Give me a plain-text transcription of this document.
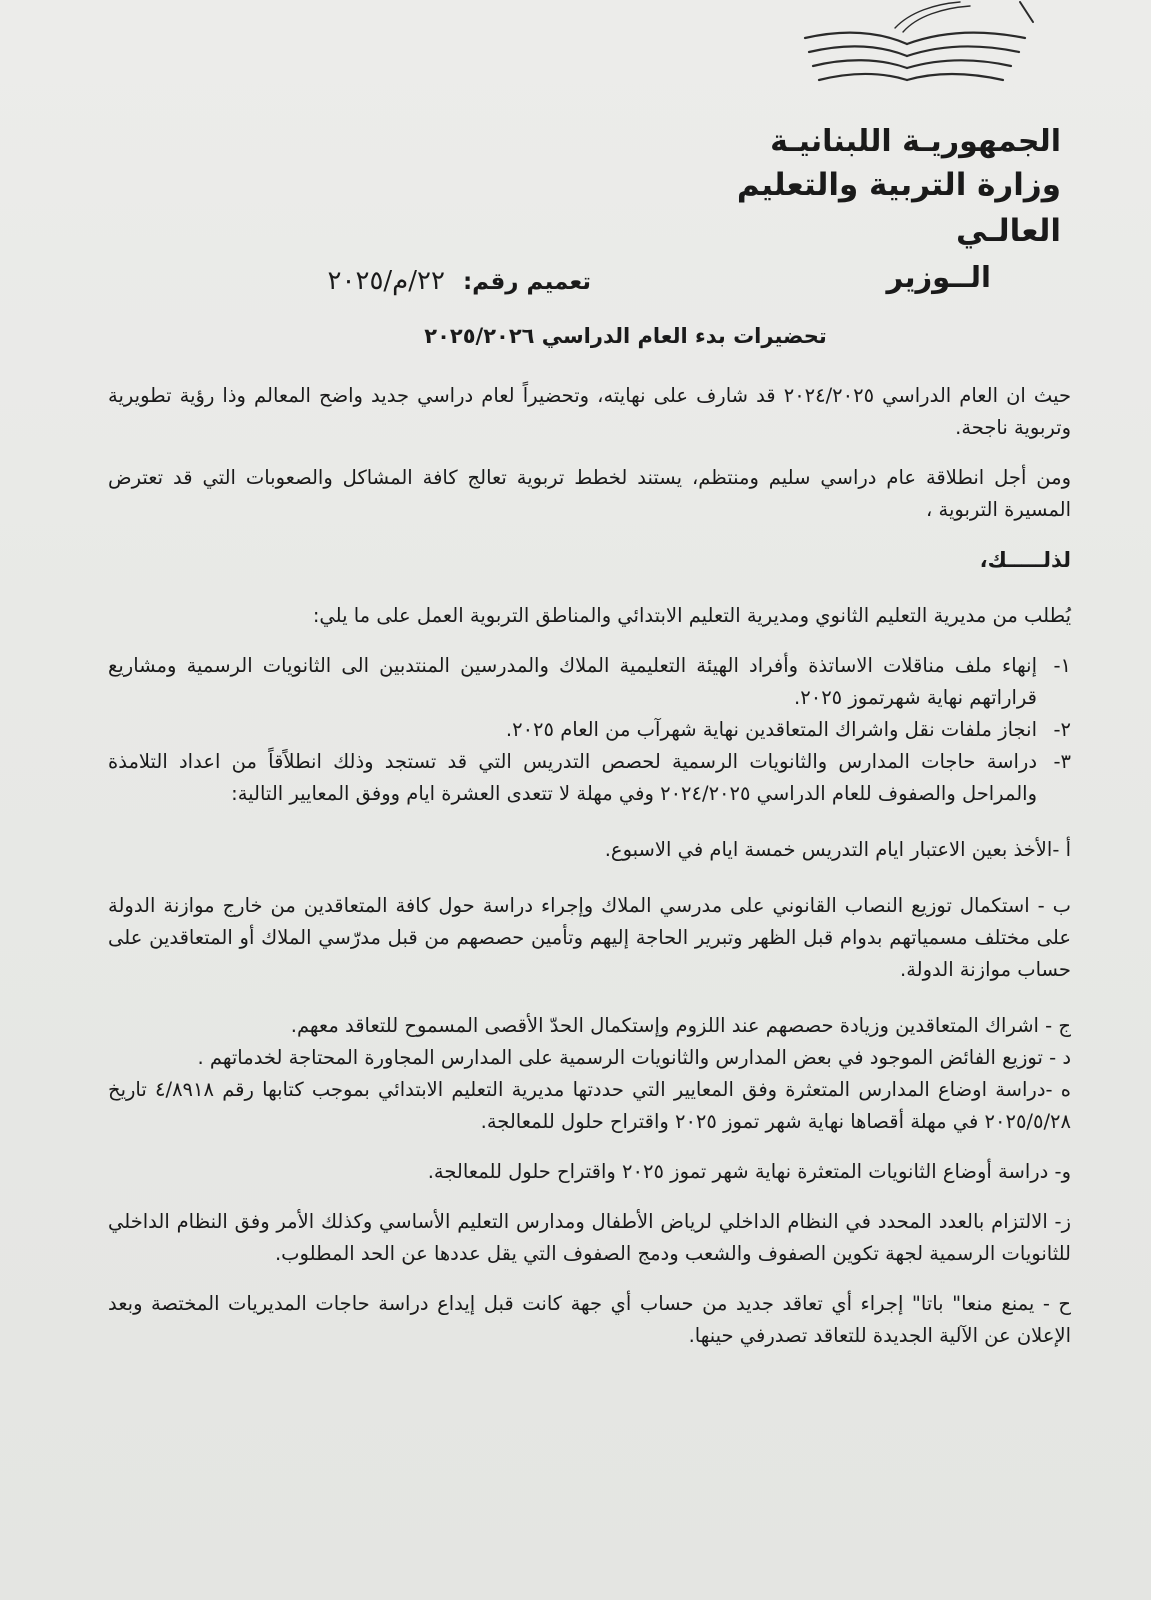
الجمهوريـة اللبنانيـة
وزارة التربية والتعليم العالـي
الــوزير
تعميم رقم: ٢٢/م/٢٠٢٥
تحضيرات بدء العام الدراسي ٢٠٢٥/٢٠٢٦

حيث ان العام الدراسي ٢٠٢٤/٢٠٢٥ قد شارف على نهايته، وتحضيراً لعام دراسي جديد واضح المعالم وذا رؤية تطويرية وتربوية ناجحة.

ومن أجل انطلاقة عام دراسي سليم ومنتظم، يستند لخطط تربوية تعالج كافة المشاكل والصعوبات التي قد تعترض المسيرة التربوية ،

لذلـــــك،

يُطلب من مديرية التعليم الثانوي ومديرية التعليم الابتدائي والمناطق التربوية العمل على ما يلي:

١-
إنهاء ملف مناقلات الاساتذة وأفراد الهيئة التعليمية الملاك والمدرسين المنتدبين الى الثانويات الرسمية ومشاريع قراراتهم نهاية شهرتموز ٢٠٢٥.
٢-
انجاز ملفات نقل واشراك المتعاقدين نهاية شهرآب من العام ٢٠٢٥.
٣-
دراسة حاجات المدارس والثانويات الرسمية لحصص التدريس التي قد تستجد وذلك انطلاًقاً من اعداد التلامذة والمراحل والصفوف للعام الدراسي ٢٠٢٤/٢٠٢٥ وفي مهلة لا تتعدى العشرة ايام ووفق المعايير التالية:

أ -الأخذ بعين الاعتبار ايام التدريس خمسة ايام في الاسبوع.

ب - استكمال توزيع النصاب القانوني على مدرسي الملاك وإجراء دراسة حول كافة المتعاقدين من خارج موازنة الدولة على مختلف مسمياتهم بدوام قبل الظهر وتبرير الحاجة إليهم وتأمين حصصهم من قبل مدرّسي الملاك أو المتعاقدين على حساب موازنة الدولة.

ج - اشراك المتعاقدين وزيادة حصصهم عند اللزوم وإستكمال الحدّ الأقصى المسموح للتعاقد معهم.

د - توزيع الفائض الموجود في بعض المدارس والثانويات الرسمية على المدارس المجاورة المحتاجة لخدماتهم .

ه -دراسة اوضاع المدارس المتعثرة وفق المعايير التي حددتها مديرية التعليم الابتدائي بموجب كتابها رقم ٤/٨٩١٨ تاريخ ٢٠٢٥/٥/٢٨ في مهلة أقصاها نهاية شهر تموز ٢٠٢٥ واقتراح حلول للمعالجة.

و- دراسة أوضاع الثانويات المتعثرة نهاية شهر تموز ٢٠٢٥ واقتراح حلول للمعالجة.

ز- الالتزام بالعدد المحدد في النظام الداخلي لرياض الأطفال ومدارس التعليم الأساسي وكذلك الأمر وفق النظام الداخلي للثانويات الرسمية لجهة تكوين الصفوف والشعب ودمج الصفوف التي يقل عددها عن الحد المطلوب.

ح - يمنع منعا" باتا" إجراء أي تعاقد جديد من حساب أي جهة كانت قبل إيداع دراسة حاجات المديريات المختصة وبعد الإعلان عن الآلية الجديدة للتعاقد تصدرفي حينها.
